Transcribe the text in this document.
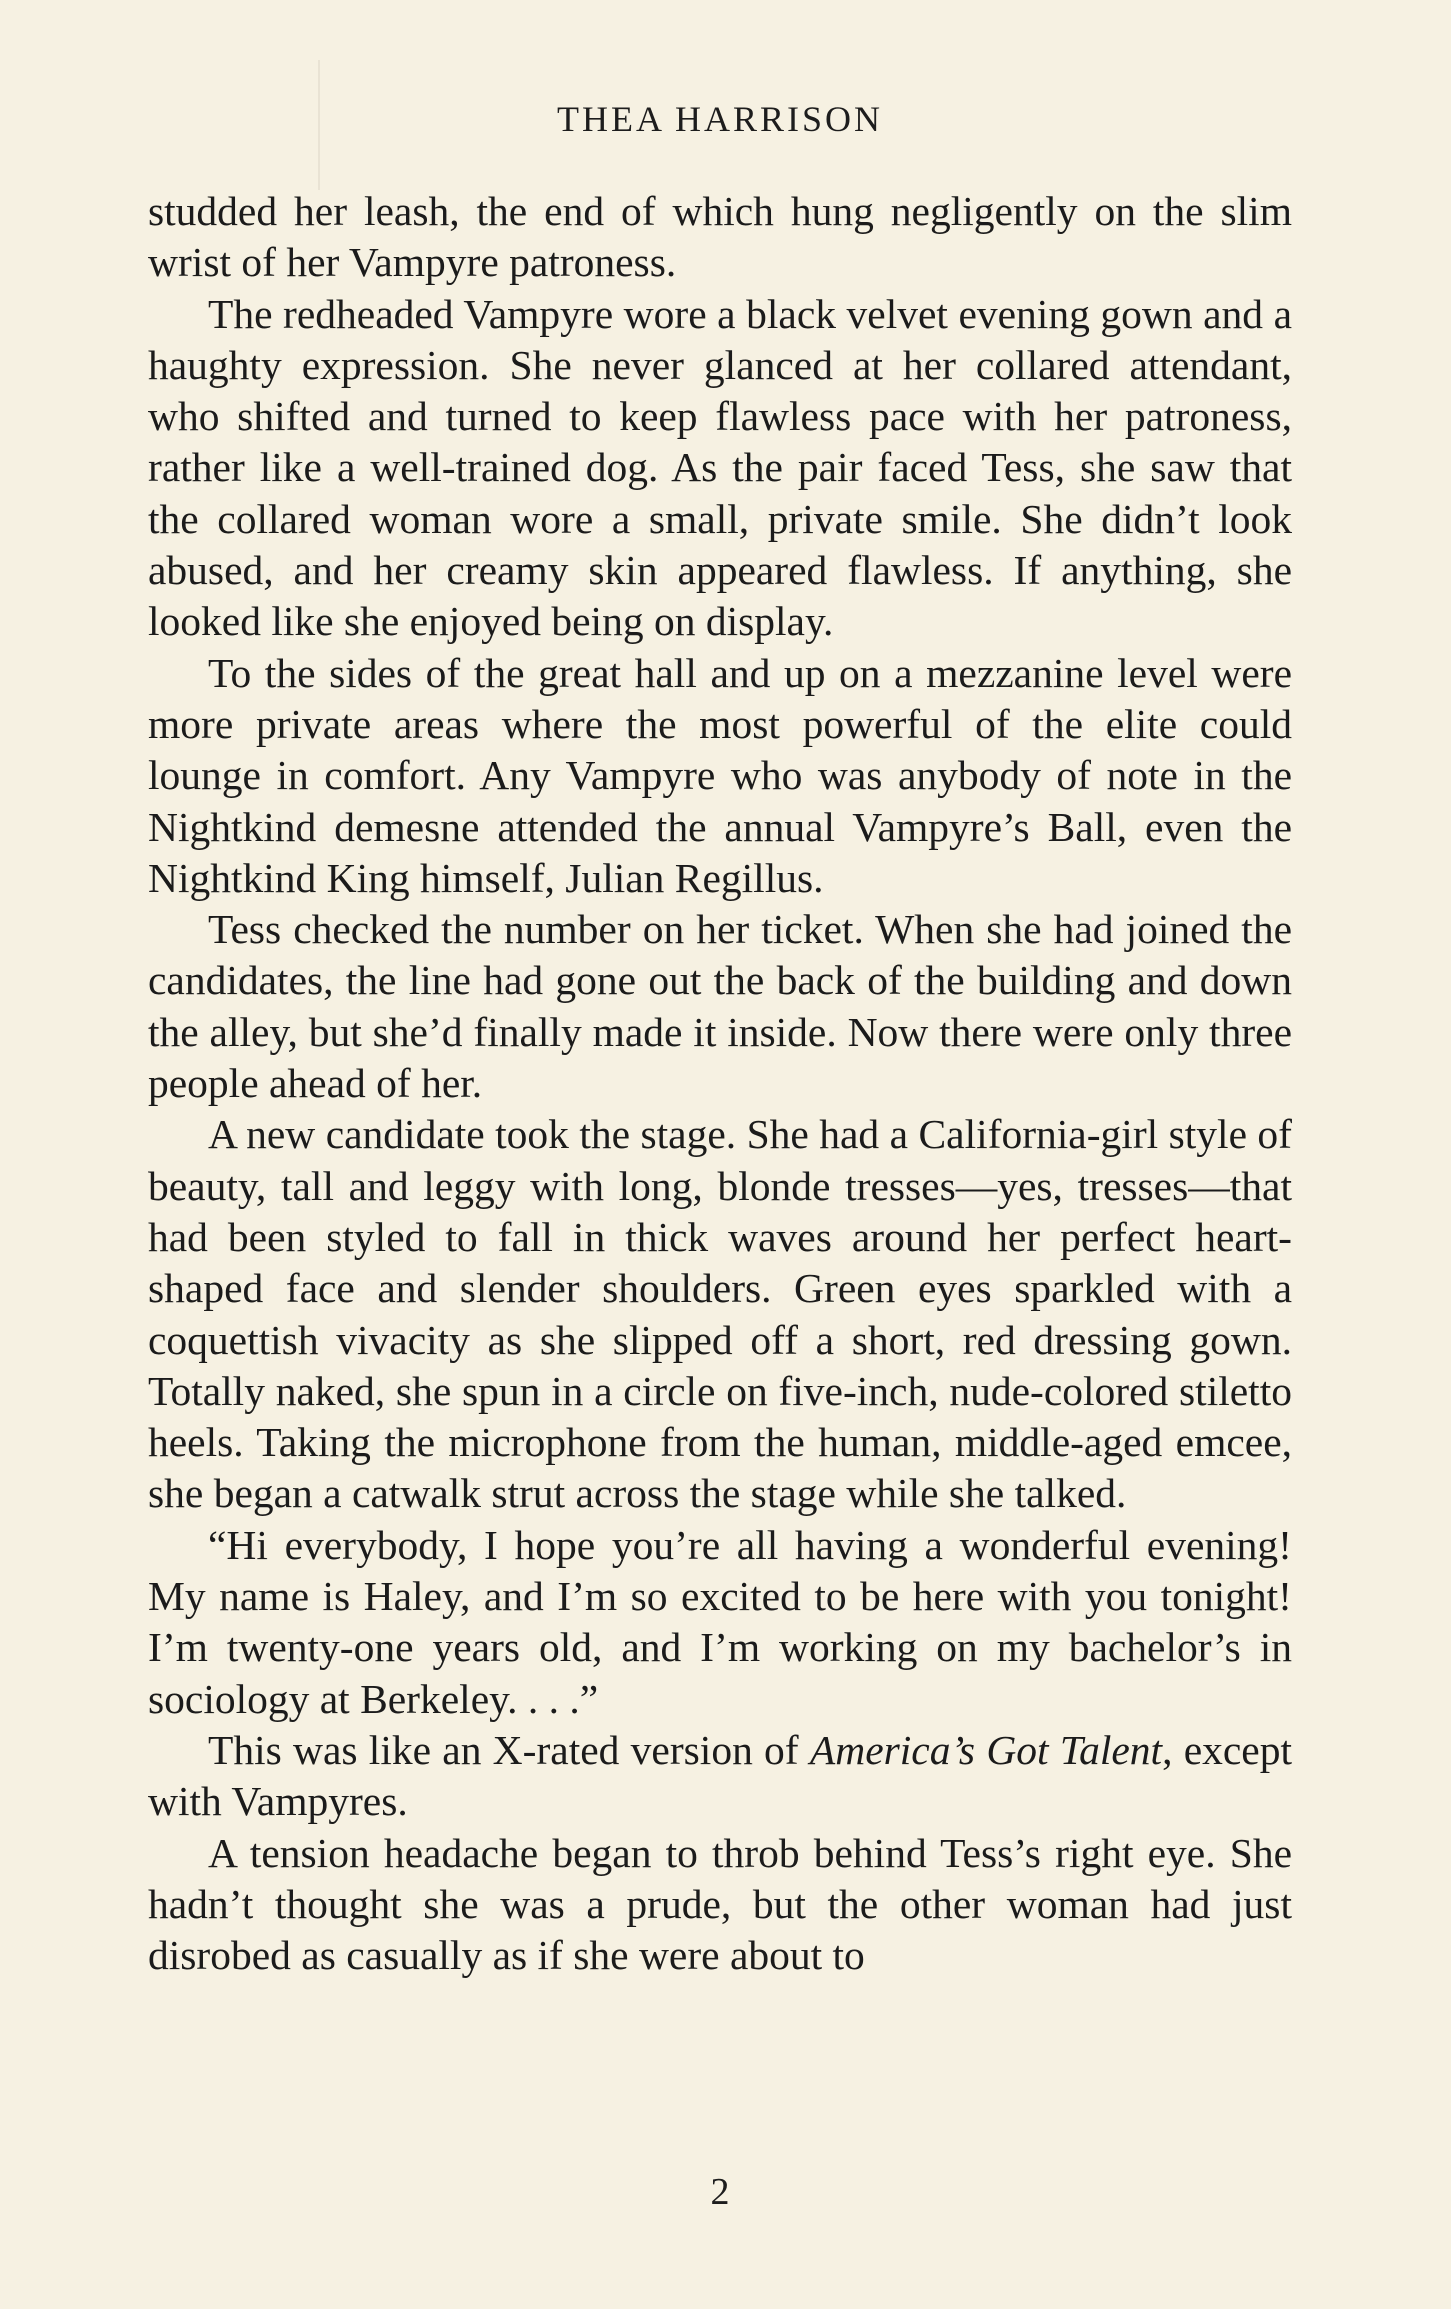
THEA HARRISON

studded her leash, the end of which hung negligently on the slim wrist of her Vampyre patroness.

The redheaded Vampyre wore a black velvet evening gown and a haughty expression. She never glanced at her collared attendant, who shifted and turned to keep flawless pace with her patroness, rather like a well-trained dog. As the pair faced Tess, she saw that the collared woman wore a small, private smile. She didn’t look abused, and her creamy skin appeared flawless. If anything, she looked like she enjoyed being on display.

To the sides of the great hall and up on a mezzanine level were more private areas where the most powerful of the elite could lounge in comfort. Any Vampyre who was anybody of note in the Nightkind demesne attended the annual Vampyre’s Ball, even the Nightkind King himself, Julian Regillus.

Tess checked the number on her ticket. When she had joined the candidates, the line had gone out the back of the building and down the alley, but she’d finally made it inside. Now there were only three people ahead of her.

A new candidate took the stage. She had a California-girl style of beauty, tall and leggy with long, blonde tresses—yes, tresses—that had been styled to fall in thick waves around her perfect heart-shaped face and slender shoulders. Green eyes sparkled with a coquettish vivacity as she slipped off a short, red dressing gown. Totally naked, she spun in a circle on five-inch, nude-colored stiletto heels. Taking the microphone from the human, middle-aged emcee, she began a catwalk strut across the stage while she talked.

“Hi everybody, I hope you’re all having a wonderful evening! My name is Haley, and I’m so excited to be here with you tonight! I’m twenty-one years old, and I’m working on my bachelor’s in sociology at Berkeley. . . .”

This was like an X-rated version of America’s Got Talent, except with Vampyres.

A tension headache began to throb behind Tess’s right eye. She hadn’t thought she was a prude, but the other woman had just disrobed as casually as if she were about to

2
